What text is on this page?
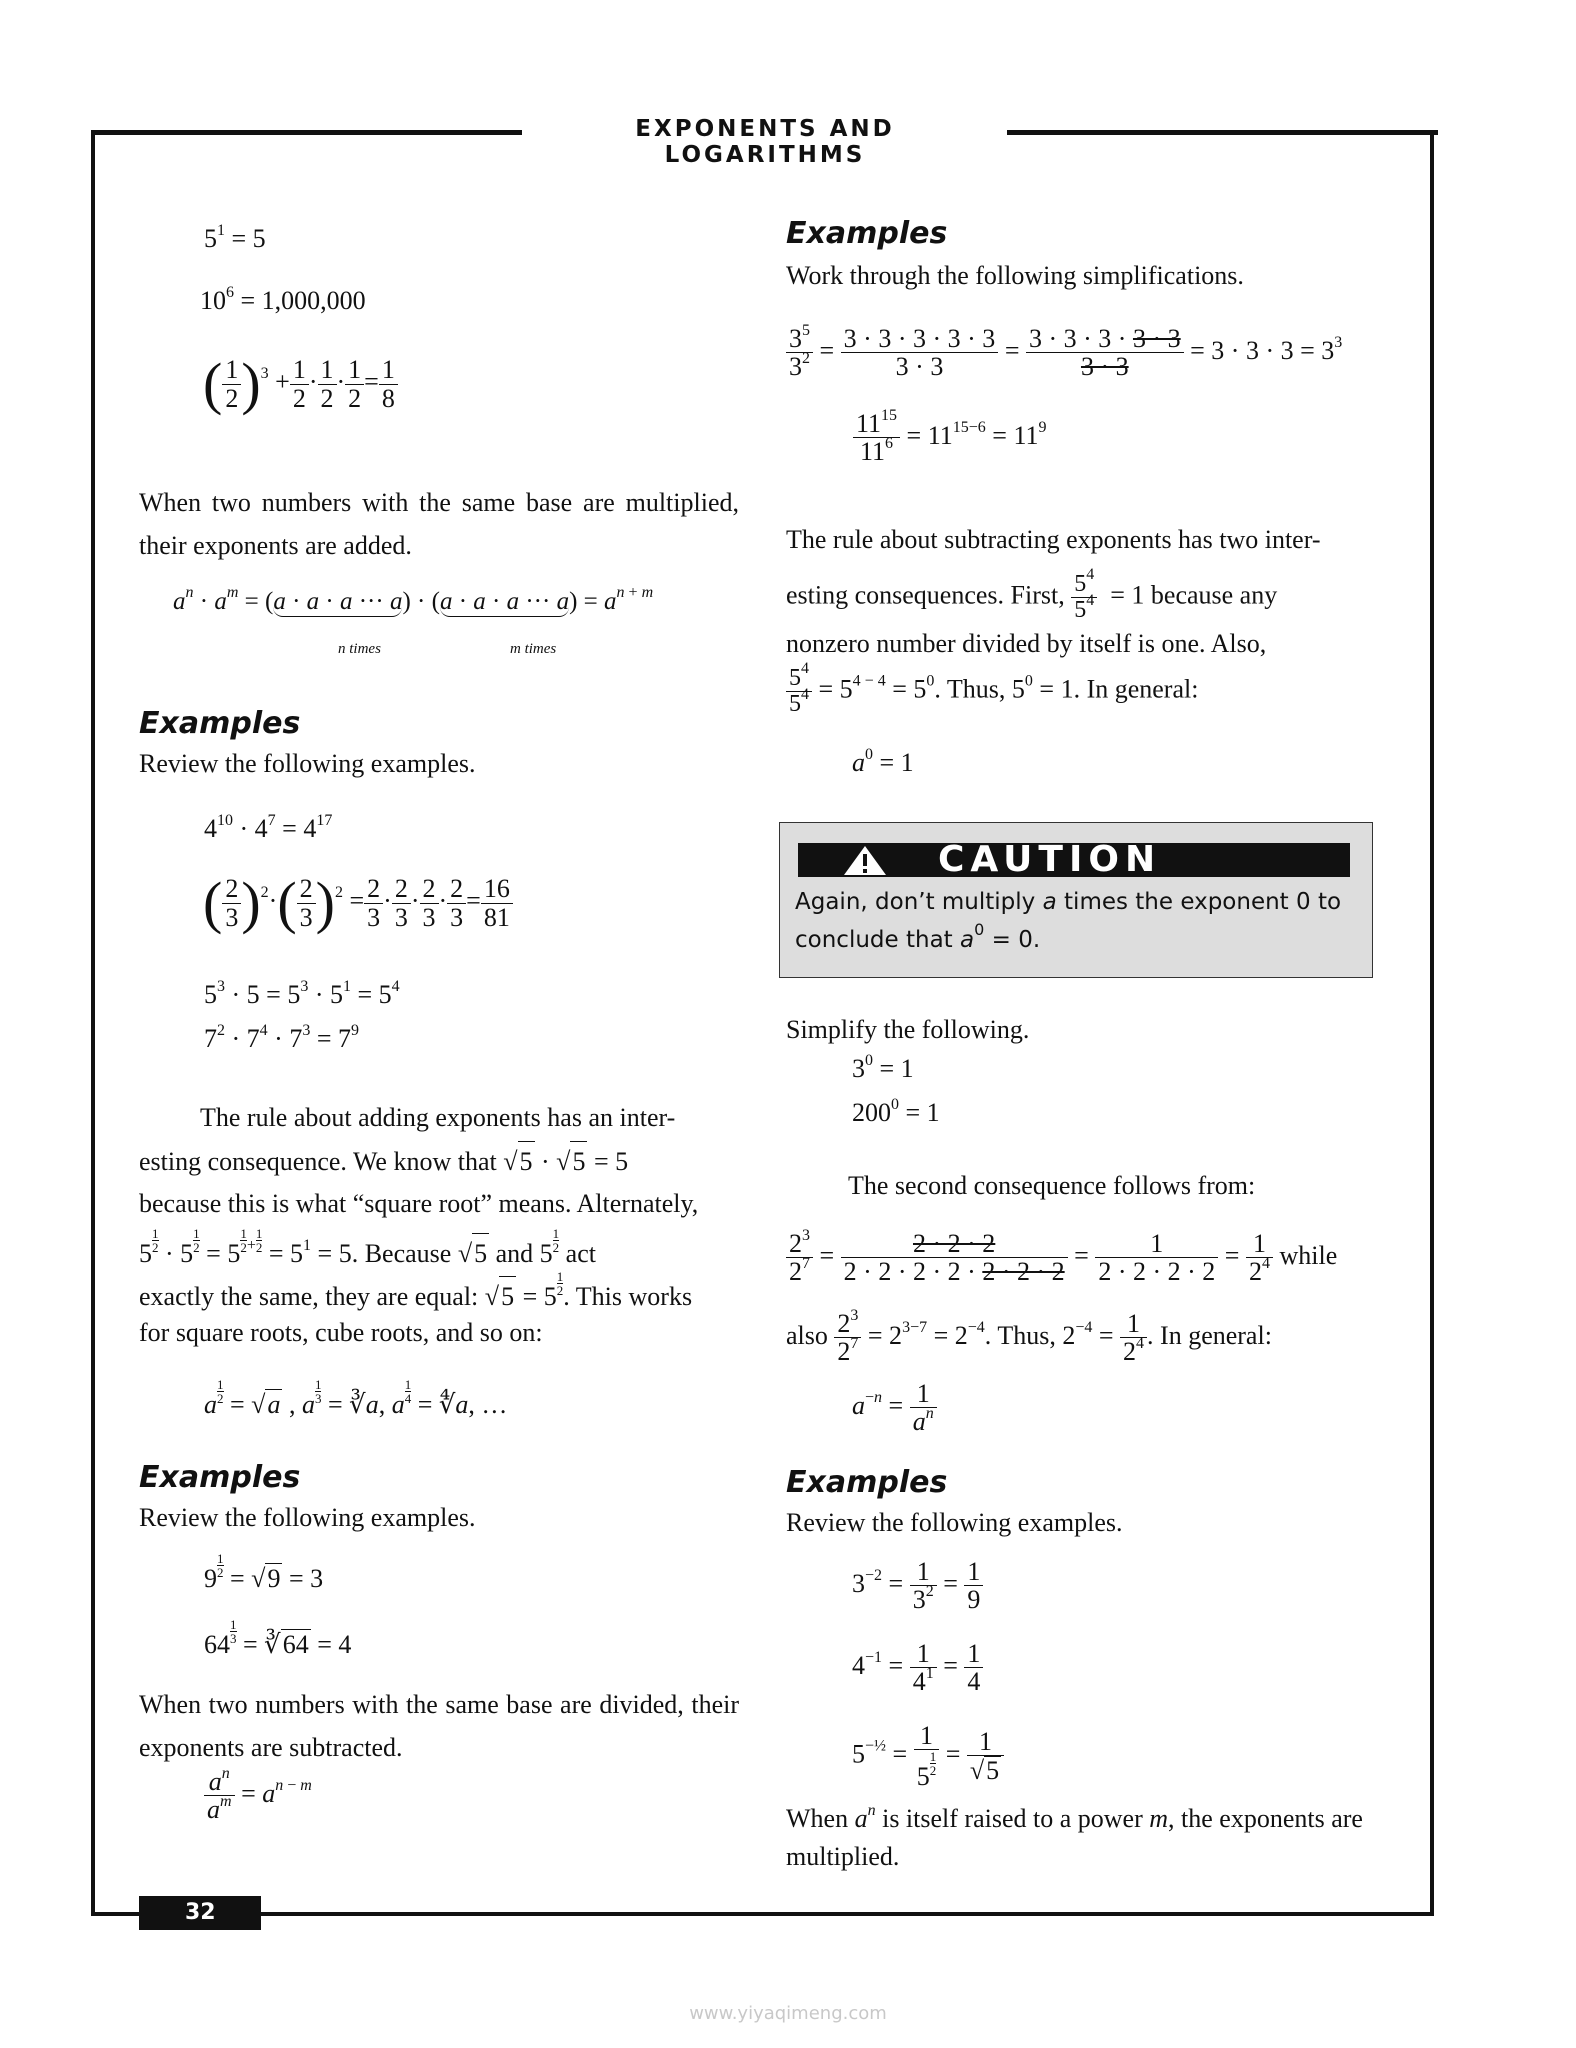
EXPONENTS AND LOGARITHMS
$5^1 = 5$
$10^6 = 1,000,000$
( $\frac{1}{2} )^3 + \frac{1}{2} \cdot \frac{1}{2} \cdot \frac{1}{2} = \frac{1}{8}$
When two numbers with the same base are multiplied, their exponents are added.
$a^n \cdot a^m = (a \cdot a \cdot a$ ··· a) · (a · a · a ··· $a) = a^{n + m}$
n times	m times
Examples
Review the following examples.
$4^{10} \cdot 4^7 = 4^{17}$
( $\frac{2}{3} )^2\cdot( \frac{2}{3} )^2 = \frac{2}{3} \cdot \frac{2}{3} \cdot \frac{2}{3} \cdot \frac{2}{3} = \frac{16}{81}$
$5^3 \cdot 5 = 5^3 \cdot 5^1 = 5^4$
$7^2 \cdot 7^4 \cdot 7^3 = 7^9$
The rule about adding exponents has an inter-
esting consequence. We know that √5 · √5 = 5
because this is what “square root” means. Alternately,
$5 \frac{1}{2} \cdot 5 \frac{1}{2} = 5 \frac{1}{2} ^+ \frac{1}{2} = 5^1 = 5$. Because √5 and $5 \frac{1}{2}$ act
exactly the same, they are equal: $√5 = 5 \frac{1}{2}$ . This works
for square roots, cube roots, and so on:
a $\frac{1}{2} = √a$ , a $\frac{1}{3}$ = ∛a, a $\frac{1}{4}$ = ∜a, …
Examples
Review the following examples.
$9 \frac{1}{2} = √9 = 3$
$64 \frac{1}{3}$ = ∛64 = 4
When two numbers with the same base are divided, their exponents are subtracted.
$\frac{a^n}{a^m} = a^{n - m}$
Examples
Work through the following simplifications.
$\frac{3^5}{3^2} = \frac{3 \cdot 3 \cdot 3 \cdot 3 \cdot 3}{3 \cdot 3} = \frac{3 \cdot 3 \cdot 3 \cdot 3 \cdot 3}{3 \cdot 3} = 3 \cdot 3 \cdot 3 = 3^3$
$\frac{11^{15}}{11^6} = 11^{15-6} = 11^9$
The rule about subtracting exponents has two inter-
esting consequences. First, $\frac{5^4}{5^4} = 1$ because any
nonzero number divided by itself is one. Also,
$\frac{5^4}{5^4} = 5^{4 - 4} = 5^0$. Thus, $5^0 = 1$. In general:
$a^0 = 1$
CAUTION
Again, don’t multiply a times the exponent 0 to conclude that $a^0 = 0$.
Simplify the following.
$3^0 = 1$
$200^0 = 1$
The second consequence follows from:
$\frac{2^3}{2^7} = \frac{2 \cdot 2 \cdot 2}{2 \cdot 2 \cdot 2 \cdot 2 \cdot 2 \cdot 2 \cdot 2} = \frac{1}{2 \cdot 2 \cdot 2 \cdot 2} = \frac{1}{2^4}$ while
also $\frac{2^3}{2^7} = 2^{3-7} = 2^{-4}$. Thus, $2^{-4} = \frac{1}{2^4}$ . In general:
$a^{-n} = \frac{1}{a^n}$
Examples
Review the following examples.
$3^{-2} = \frac{1}{3^2} = \frac{1}{9}$
$4^{-1} = \frac{1}{4^1} = \frac{1}{4}$
$5^{-\frac{1}{2}} = \frac{1}{5 \frac{1}{2}} = \frac{1}{√5}$
When $a^n$ is itself raised to a power m, the exponents are multiplied.
32
www.yiyaqimeng.com
